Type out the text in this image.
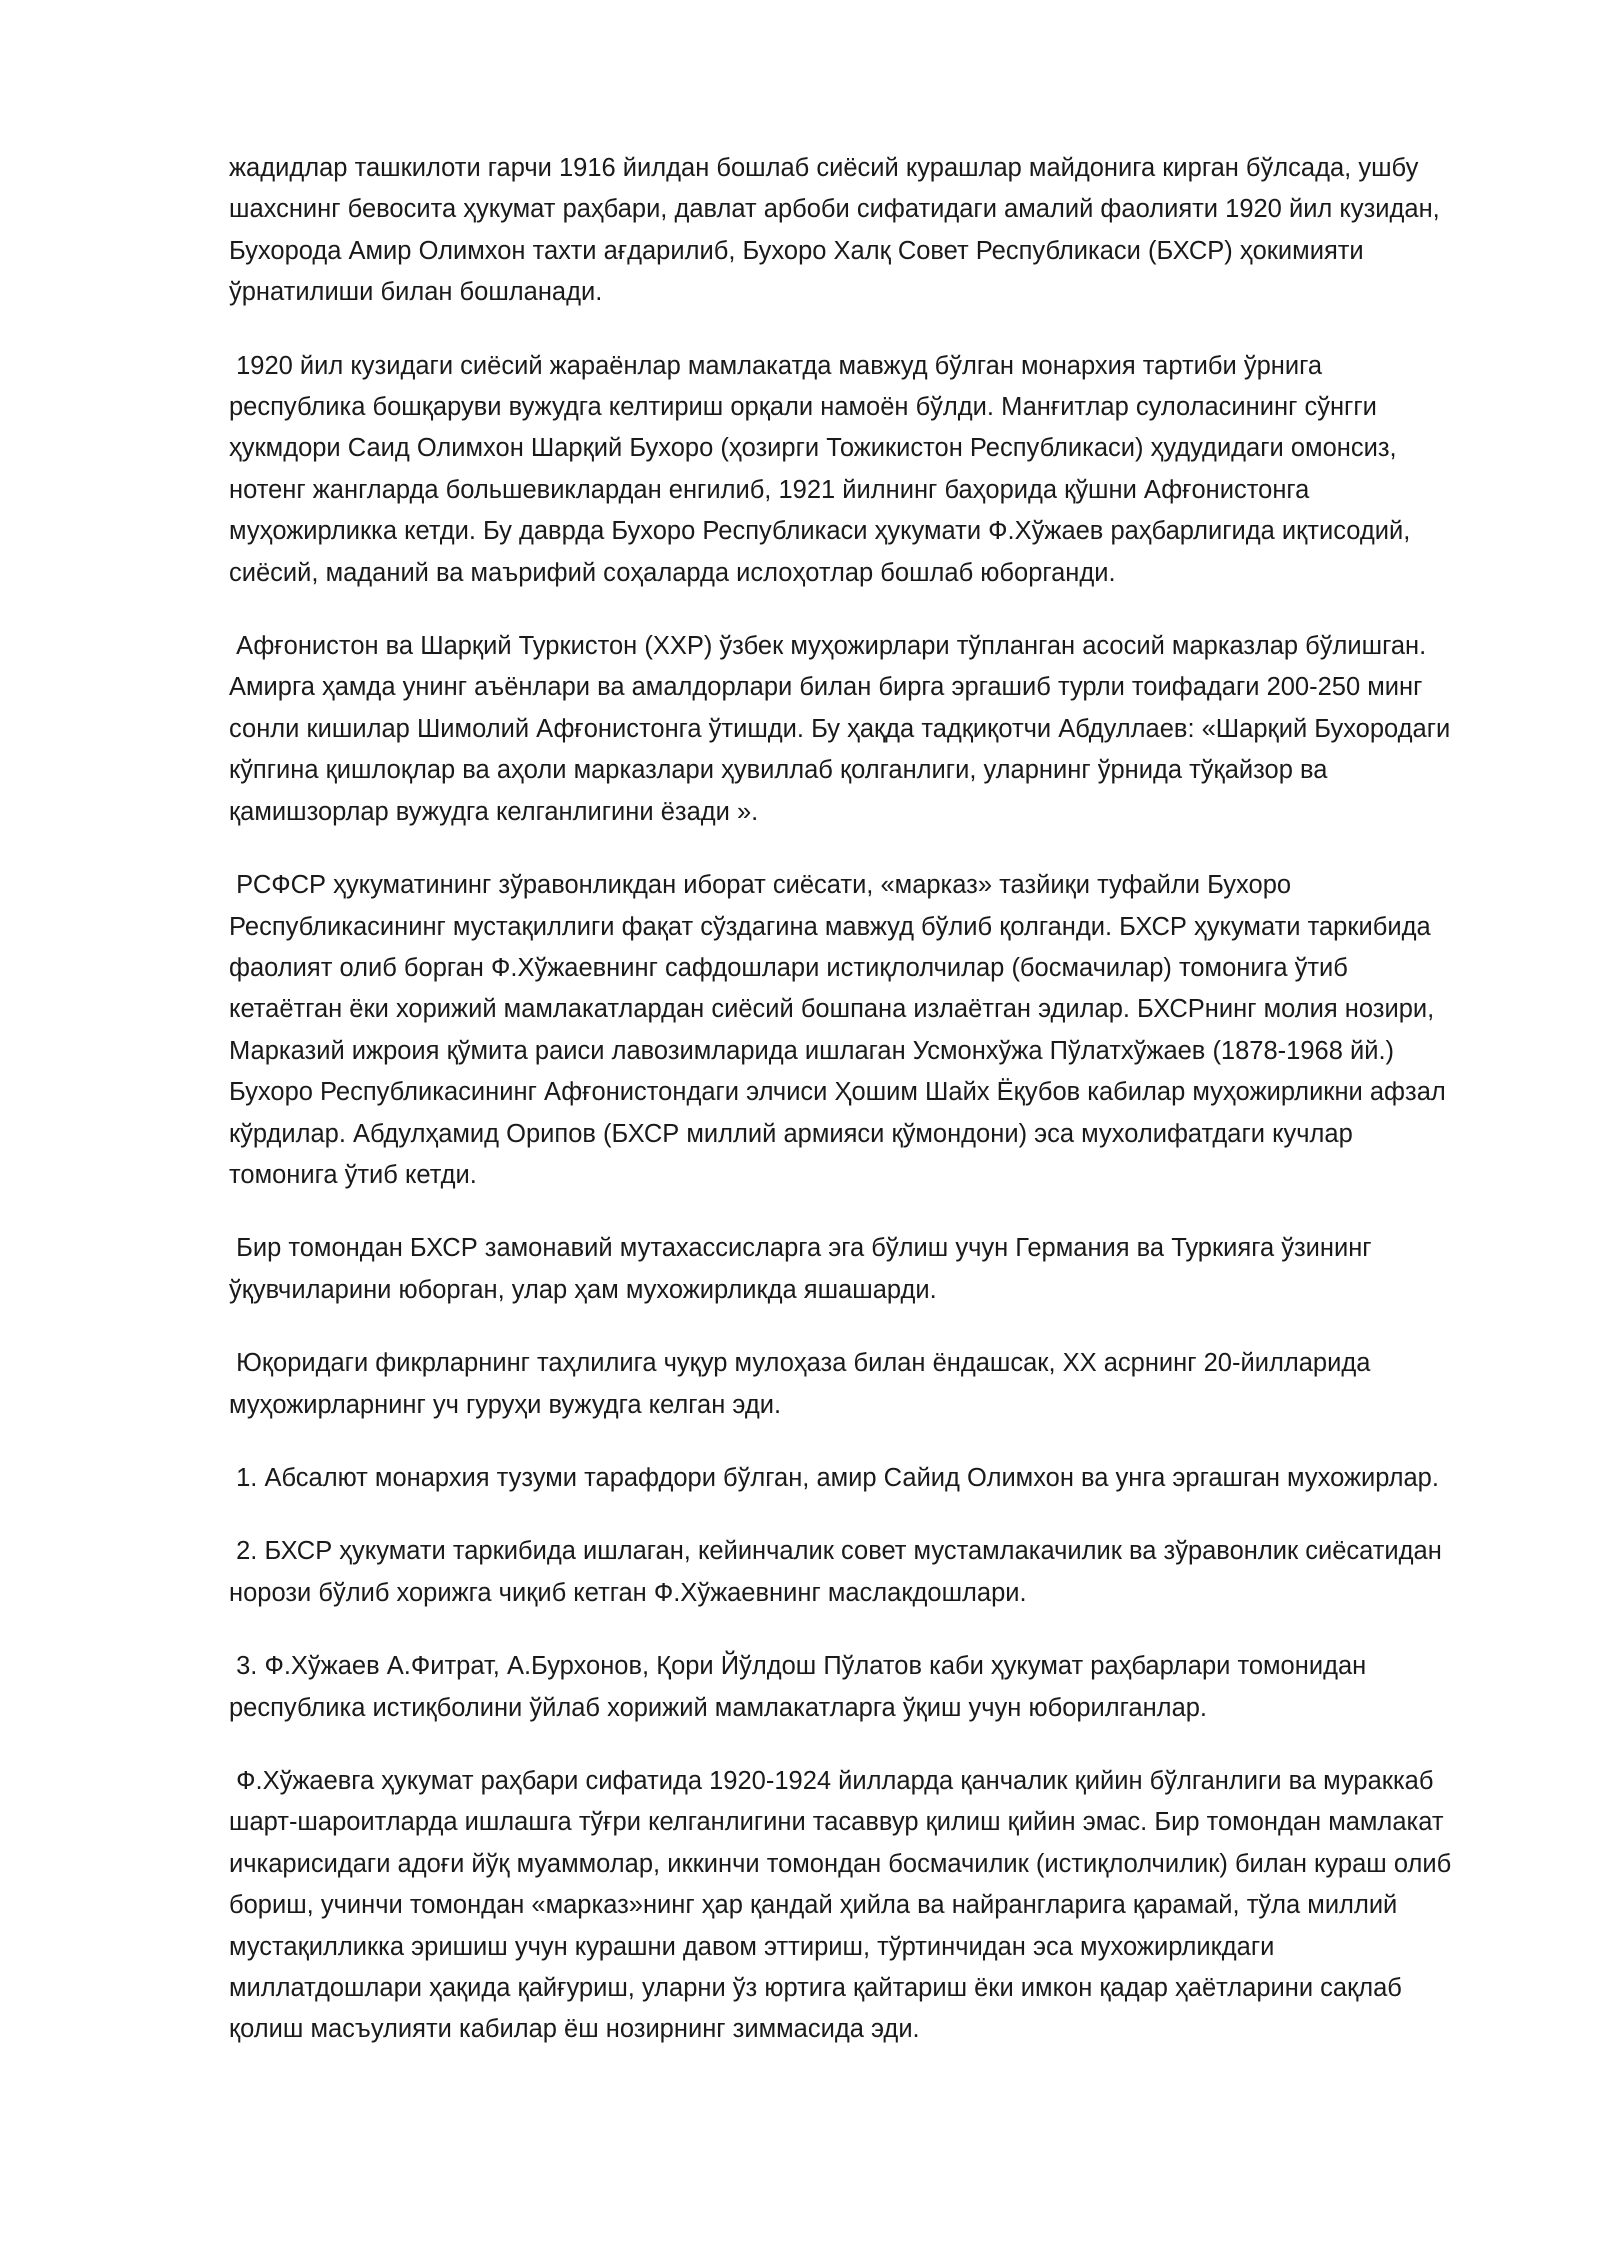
жадидлар ташкилоти гарчи 1916 йилдан бошлаб сиёсий курашлар майдонига кирган бўлсада, ушбу шахснинг бевосита ҳукумат раҳбари, давлат арбоби сифатидаги амалий фаолияти 1920 йил кузидан, Бухорода Амир Олимхон тахти ағдарилиб, Бухоро Халқ Совет Республикаси (БХСР) ҳокимияти ўрнатилиши билан бошланади.

1920 йил кузидаги сиёсий жараёнлар мамлакатда мавжуд бўлган монархия тартиби ўрнига республика бошқаруви вужудга келтириш орқали намоён бўлди. Манғитлар сулоласининг сўнгги ҳукмдори Саид Олимхон Шарқий Бухоро (ҳозирги Тожикистон Республикаси) ҳудудидаги омонсиз, нотенг жангларда большевиклардан енгилиб, 1921 йилнинг баҳорида қўшни Афғонистонга муҳожирликка кетди. Бу даврда Бухоро Республикаси ҳукумати Ф.Хўжаев раҳбарлигида иқтисодий, сиёсий, маданий ва маърифий соҳаларда ислоҳотлар бошлаб юборганди.

Афғонистон ва Шарқий Туркистон (ХХР) ўзбек муҳожирлари тўпланган асосий марказлар бўлишган. Амирга ҳамда унинг аъёнлари ва амалдорлари билан бирга эргашиб турли тоифадаги 200-250 минг сонли кишилар Шимолий Афғонистонга ўтишди. Бу ҳақда тадқиқотчи Абдуллаев: «Шарқий Бухородаги кўпгина қишлоқлар ва аҳоли марказлари ҳувиллаб қолганлиги, уларнинг ўрнида тўқайзор ва қамишзорлар вужудга келганлигини ёзади ».

РСФСР ҳукуматининг зўравонликдан иборат сиёсати, «марказ» тазйиқи туфайли Бухоро Республикасининг мустақиллиги фақат сўздагина мавжуд бўлиб қолганди. БХСР ҳукумати таркибида фаолият олиб борган Ф.Хўжаевнинг сафдошлари истиқлолчилар (босмачилар) томонига ўтиб кетаётган ёки хорижий мамлакатлардан сиёсий бошпана излаётган эдилар. БХСРнинг молия нозири, Марказий ижроия қўмита раиси лавозимларида ишлаган Усмонхўжа Пўлатхўжаев (1878-1968 йй.) Бухоро Республикасининг Афғонистондаги элчиси Ҳошим Шайх Ёқубов кабилар муҳожирликни афзал кўрдилар. Абдулҳамид Орипов (БХСР миллий армияси қўмондони) эса мухолифатдаги кучлар томонига ўтиб кетди.

Бир томондан БХСР замонавий мутахассисларга эга бўлиш учун Германия ва Туркияга ўзининг ўқувчиларини юборган, улар ҳам мухожирликда яшашарди.

Юқоридаги фикрларнинг таҳлилига чуқур мулоҳаза билан ёндашсак, ХХ асрнинг 20-йилларида муҳожирларнинг уч гуруҳи вужудга келган эди.

1. Абсалют монархия тузуми тарафдори бўлган, амир Сайид Олимхон ва унга эргашган мухожирлар.

2. БХСР ҳукумати таркибида ишлаган, кейинчалик совет мустамлакачилик ва зўравонлик сиёсатидан норози бўлиб хорижга чиқиб кетган Ф.Хўжаевнинг маслакдошлари.

3. Ф.Хўжаев А.Фитрат, А.Бурхонов, Қори Йўлдош Пўлатов каби ҳукумат раҳбарлари томонидан республика истиқболини ўйлаб хорижий мамлакатларга ўқиш учун юборилганлар.

Ф.Хўжаевга ҳукумат раҳбари сифатида 1920-1924 йилларда қанчалик қийин бўлганлиги ва мураккаб шарт-шароитларда ишлашга тўғри келганлигини тасаввур қилиш қийин эмас. Бир томондан мамлакат ичкарисидаги адоғи йўқ муаммолар, иккинчи томондан босмачилик (истиқлолчилик) билан кураш олиб бориш, учинчи томондан «марказ»нинг ҳар қандай ҳийла ва найрангларига қарамай, тўла миллий мустақилликка эришиш учун курашни давом эттириш, тўртинчидан эса мухожирликдаги миллатдошлари ҳақида қайғуриш, уларни ўз юртига қайтариш ёки имкон қадар ҳаётларини сақлаб қолиш масъулияти кабилар ёш нозирнинг зиммасида эди.
